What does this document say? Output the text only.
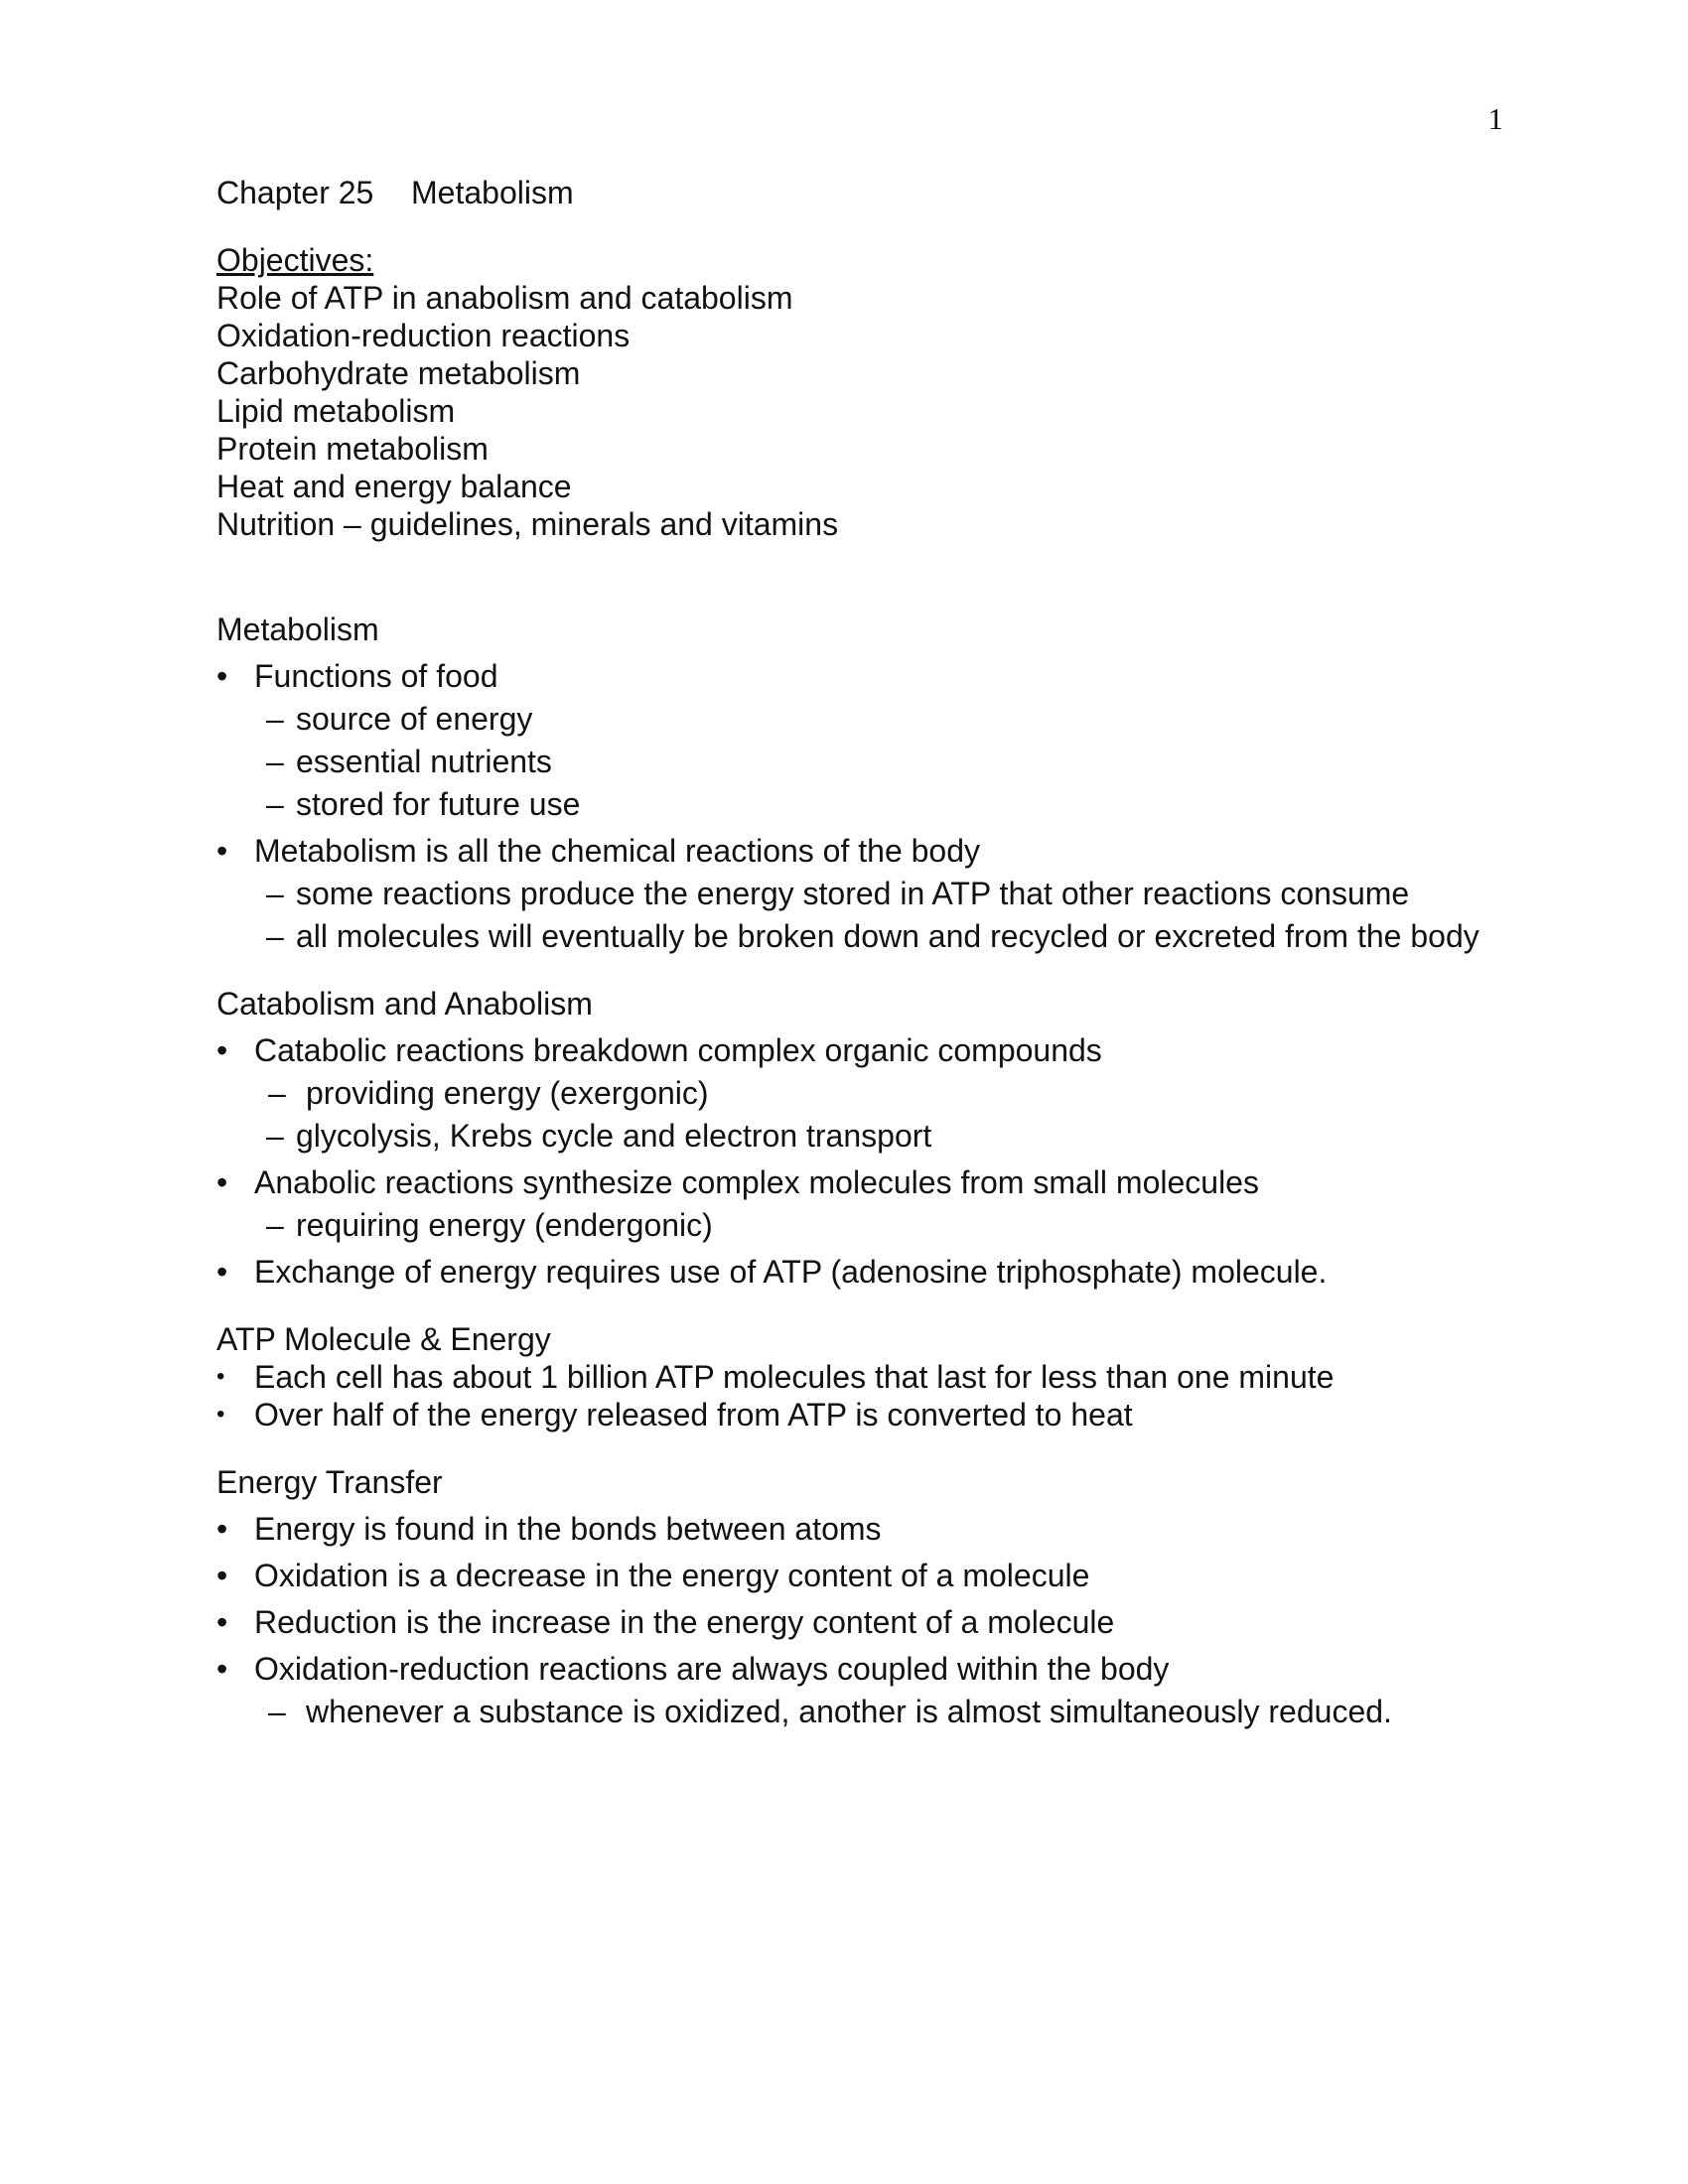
1
Chapter 25 Metabolism
Objectives:
Role of ATP in anabolism and catabolism
Oxidation-reduction reactions
Carbohydrate metabolism
Lipid metabolism
Protein metabolism
Heat and energy balance
Nutrition – guidelines, minerals and vitamins
Metabolism
• Functions of food
– source of energy
– essential nutrients
– stored for future use
• Metabolism is all the chemical reactions of the body
– some reactions produce the energy stored in ATP that other reactions consume
– all molecules will eventually be broken down and recycled or excreted from the body
Catabolism and Anabolism
• Catabolic reactions breakdown complex organic compounds
– providing energy (exergonic)
– glycolysis, Krebs cycle and electron transport
• Anabolic reactions synthesize complex molecules from small molecules
– requiring energy (endergonic)
• Exchange of energy requires use of ATP (adenosine triphosphate) molecule.
ATP Molecule & Energy
• Each cell has about 1 billion ATP molecules that last for less than one minute
• Over half of the energy released from ATP is converted to heat
Energy Transfer
• Energy is found in the bonds between atoms
• Oxidation is a decrease in the energy content of a molecule
• Reduction is the increase in the energy content of a molecule
• Oxidation-reduction reactions are always coupled within the body
– whenever a substance is oxidized, another is almost simultaneously reduced.
